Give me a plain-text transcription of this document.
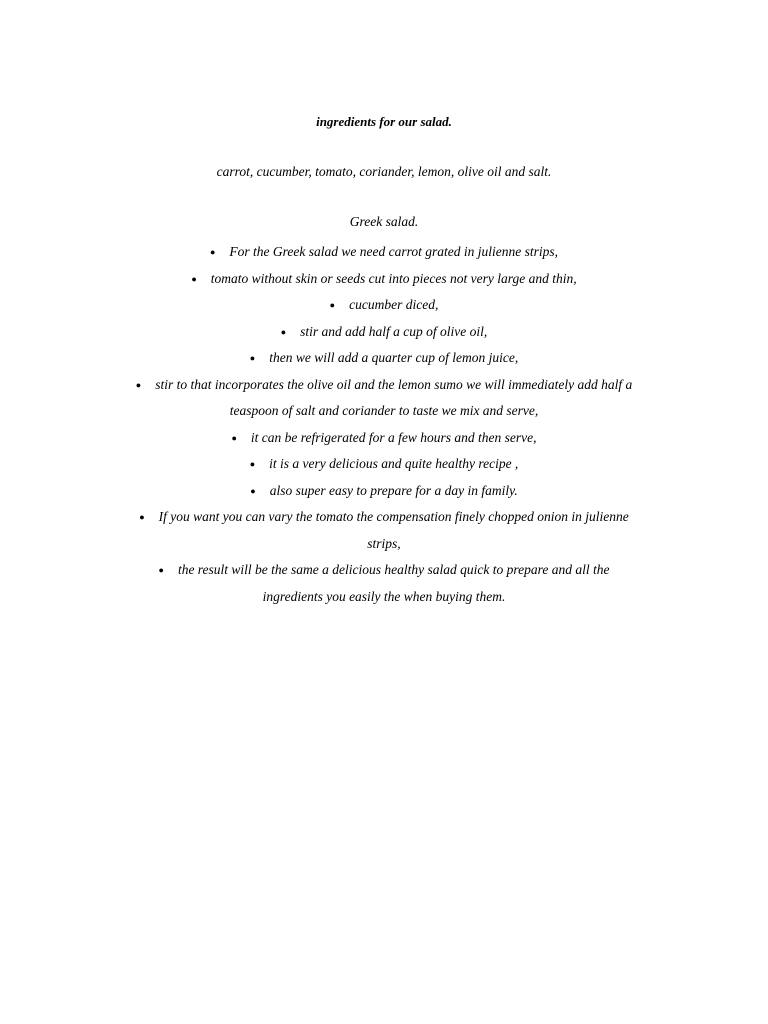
ingredients for our salad.
carrot, cucumber, tomato, coriander, lemon, olive oil and salt.
Greek salad.
● For the Greek salad we need carrot grated in julienne strips,
● tomato without skin or seeds cut into pieces not very large and thin,
● cucumber diced,
● stir and add half a cup of olive oil,
● then we will add a quarter cup of lemon juice,
● stir to that incorporates the olive oil and the lemon sumo we will immediately add half a teaspoon of salt and coriander to taste we mix and serve,
● it can be refrigerated for a few hours and then serve,
● it is a very delicious and quite healthy recipe ,
● also super easy to prepare for a day in family.
● If you want you can vary the tomato the compensation finely chopped onion in julienne strips,
● the result will be the same a delicious healthy salad quick to prepare and all the ingredients you easily the when buying them.
